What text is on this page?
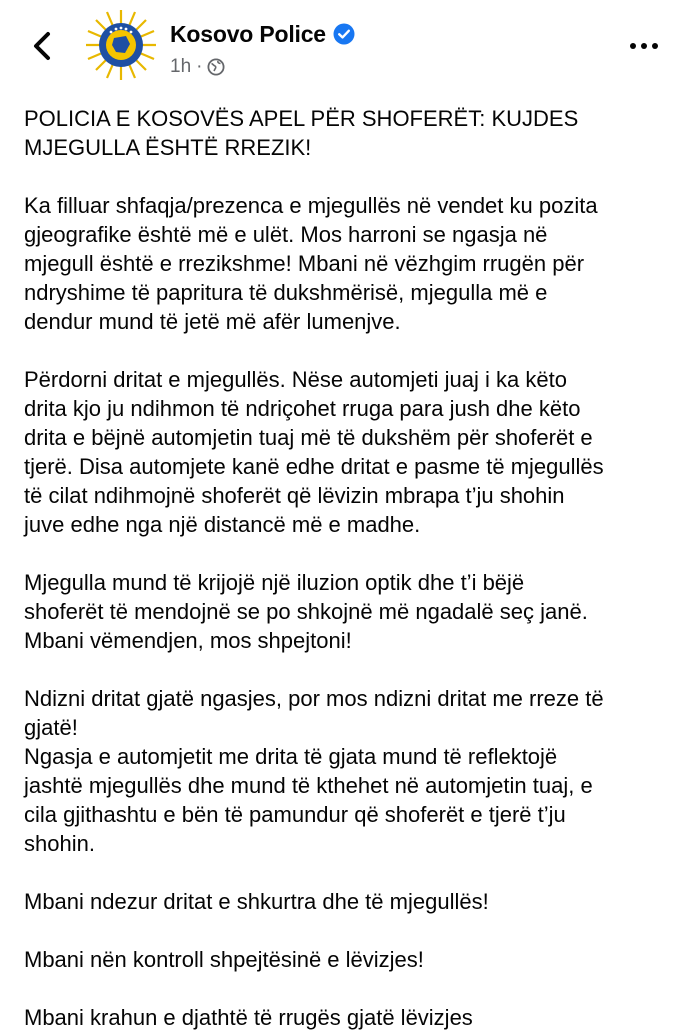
Kosovo Police
1h ·

POLICIA E KOSOVËS APEL PËR SHOFERËT: KUJDES
MJEGULLA ËSHTË RREZIK!

Ka filluar shfaqja/prezenca e mjegullës në vendet ku pozita
gjeografike është më e ulët. Mos harroni se ngasja në
mjegull është e rrezikshme! Mbani në vëzhgim rrugën për
ndryshime të papritura të dukshmërisë, mjegulla më e
dendur mund të jetë më afër lumenjve.

Përdorni dritat e mjegullës. Nëse automjeti juaj i ka këto
drita kjo ju ndihmon të ndriçohet rruga para jush dhe këto
drita e bëjnë automjetin tuaj më të dukshëm për shoferët e
tjerë. Disa automjete kanë edhe dritat e pasme të mjegullës
të cilat ndihmojnë shoferët që lëvizin mbrapa t’ju shohin
juve edhe nga një distancë më e madhe.

Mjegulla mund të krijojë një iluzion optik dhe t’i bëjë
shoferët të mendojnë se po shkojnë më ngadalë seç janë.
Mbani vëmendjen, mos shpejtoni!

Ndizni dritat gjatë ngasjes, por mos ndizni dritat me rreze të
gjatë!
Ngasja e automjetit me drita të gjata mund të reflektojë
jashtë mjegullës dhe mund të kthehet në automjetin tuaj, e
cila gjithashtu e bën të pamundur që shoferët e tjerë t’ju
shohin.

Mbani ndezur dritat e shkurtra dhe të mjegullës!

Mbani nën kontroll shpejtësinë e lëvizjes!

Mbani krahun e djathtë të rrugës gjatë lëvizjes
